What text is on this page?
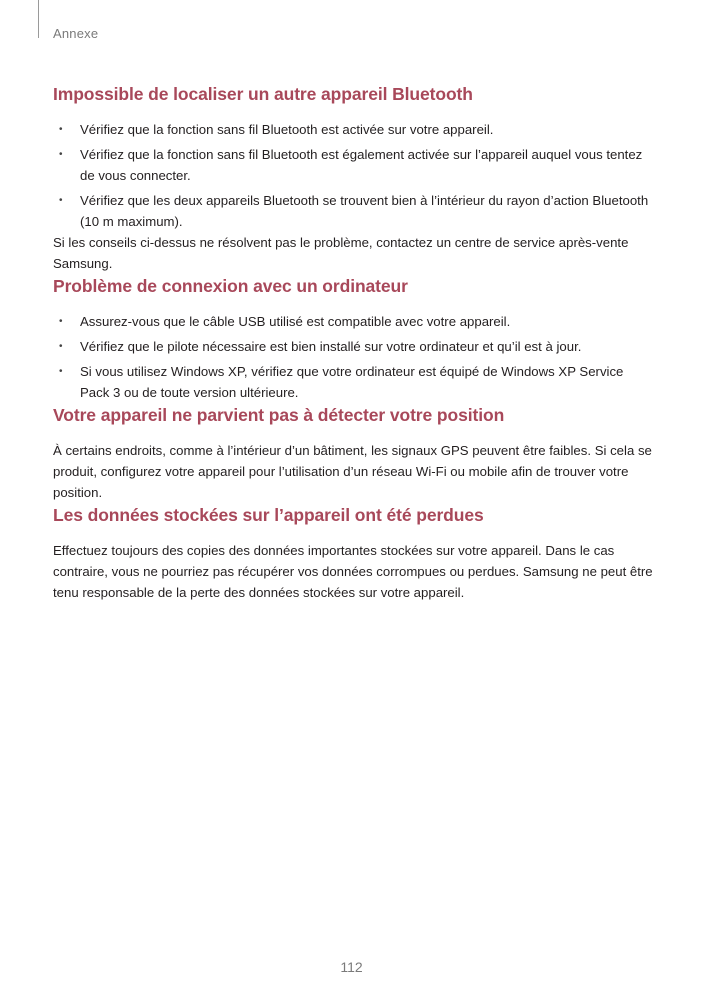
Annexe
Impossible de localiser un autre appareil Bluetooth
• Vérifiez que la fonction sans fil Bluetooth est activée sur votre appareil.
• Vérifiez que la fonction sans fil Bluetooth est également activée sur l’appareil auquel vous tentez de vous connecter.
• Vérifiez que les deux appareils Bluetooth se trouvent bien à l’intérieur du rayon d’action Bluetooth (10 m maximum).

Si les conseils ci-dessus ne résolvent pas le problème, contactez un centre de service après-vente Samsung.

Problème de connexion avec un ordinateur
• Assurez-vous que le câble USB utilisé est compatible avec votre appareil.
• Vérifiez que le pilote nécessaire est bien installé sur votre ordinateur et qu’il est à jour.
• Si vous utilisez Windows XP, vérifiez que votre ordinateur est équipé de Windows XP Service Pack 3 ou de toute version ultérieure.
Votre appareil ne parvient pas à détecter votre position

À certains endroits, comme à l’intérieur d’un bâtiment, les signaux GPS peuvent être faibles. Si cela se produit, configurez votre appareil pour l’utilisation d’un réseau Wi-Fi ou mobile afin de trouver votre position.

Les données stockées sur l’appareil ont été perdues

Effectuez toujours des copies des données importantes stockées sur votre appareil. Dans le cas contraire, vous ne pourriez pas récupérer vos données corrompues ou perdues. Samsung ne peut être tenu responsable de la perte des données stockées sur votre appareil.

112
